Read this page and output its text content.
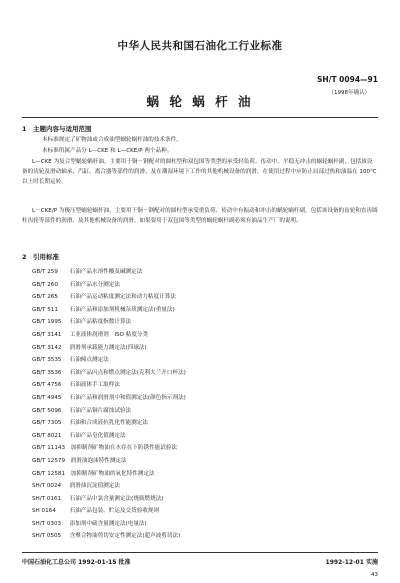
中华人民共和国石油化工行业标准
SH/T 0094—91
（1998年确认）
蜗 轮 蜗 杆 油
1　主题内容与适用范围
本标准规定了矿物油或合成油型蜗轮蜗杆油的技术条件。
本标准所属产品分 L—CKE 和 L—CKE/P 两个品种。
L—CKE 为复合型蜗轮蜗杆油，主要用于铜－钢配对的圆柱型和双包围等类型的承受轻负荷、传动中、平稳无冲击的蜗轮蜗杆副，包括该设备的齿轮及滑动轴承、汽缸、离合器等部件的润滑，及在潮湿环境下工作的其他机械设备的润滑，在使用过程中应防止局部过热和油温在 100℃以上时长期运转。
L－CKE/P 为极压型蜗轮蜗杆油，主要用于铜－钢配对的圆柱型承受重负荷、传动中有振动和冲击的蜗轮蜗杆副，包括该设备的齿轮和直齿圆柱齿轮等部件的润滑，及其他机械设备的润滑。如果要用于双包围等类型的蜗轮蜗杆副必须有油品生产厂的说明。
2　引用标准
GB/T 259　 石油产品水溶性酸及碱测定法
GB/T 260　 石油产品水分测定法
GB/T 265　 石油产品运动粘度测定法和动力粘度计算法
GB/T 511　 石油产品和添加剂机械杂质测定法(重量法)
GB/T 1995　 石油产品粘度指数计算法
GB/T 3141　 工业液体润滑剂　ISO 粘度分类
GB/T 3142　 润滑剂承载能力测定法(四球法)
GB/T 3535　 石油倾点测定法
GB/T 3536　 石油产品闪点和燃点测定法(克利夫兰开口杯法)
GB/T 4756　 石油液体手工取样法
GB/T 4945　 石油产品和润滑剂中和值测定法(颜色指示剂法)
GB/T 5096　 石油产品铜片腐蚀试验法
GB/T 7305　 石油和合成液抗乳化性能测定法
GB/T 8021　 石油产品皂化值测定法
GB/T 11143　 加抑制剂矿物油在水存在下防锈性能试验法
GB/T 12579　 润滑油泡沫特性测定法
GB/T 12581　 加抑制剂矿物油的氧化特性测定法
SH/T 0024　 润滑油沉淀值测定法
SH/T 0161　 石油产品中氯含量测定法(烧瓶燃烧法)
SH 0164　 石油产品包装、贮运及交货验收规则
SH/T 0303　 添加剂中硫含量测定法(电量法)
SH/T 0505　 含聚合物油剪切安定性测定法(超声波剪切法)
中国石油化工总公司 1992-01-15 批准	1992-12-01 实施
43
